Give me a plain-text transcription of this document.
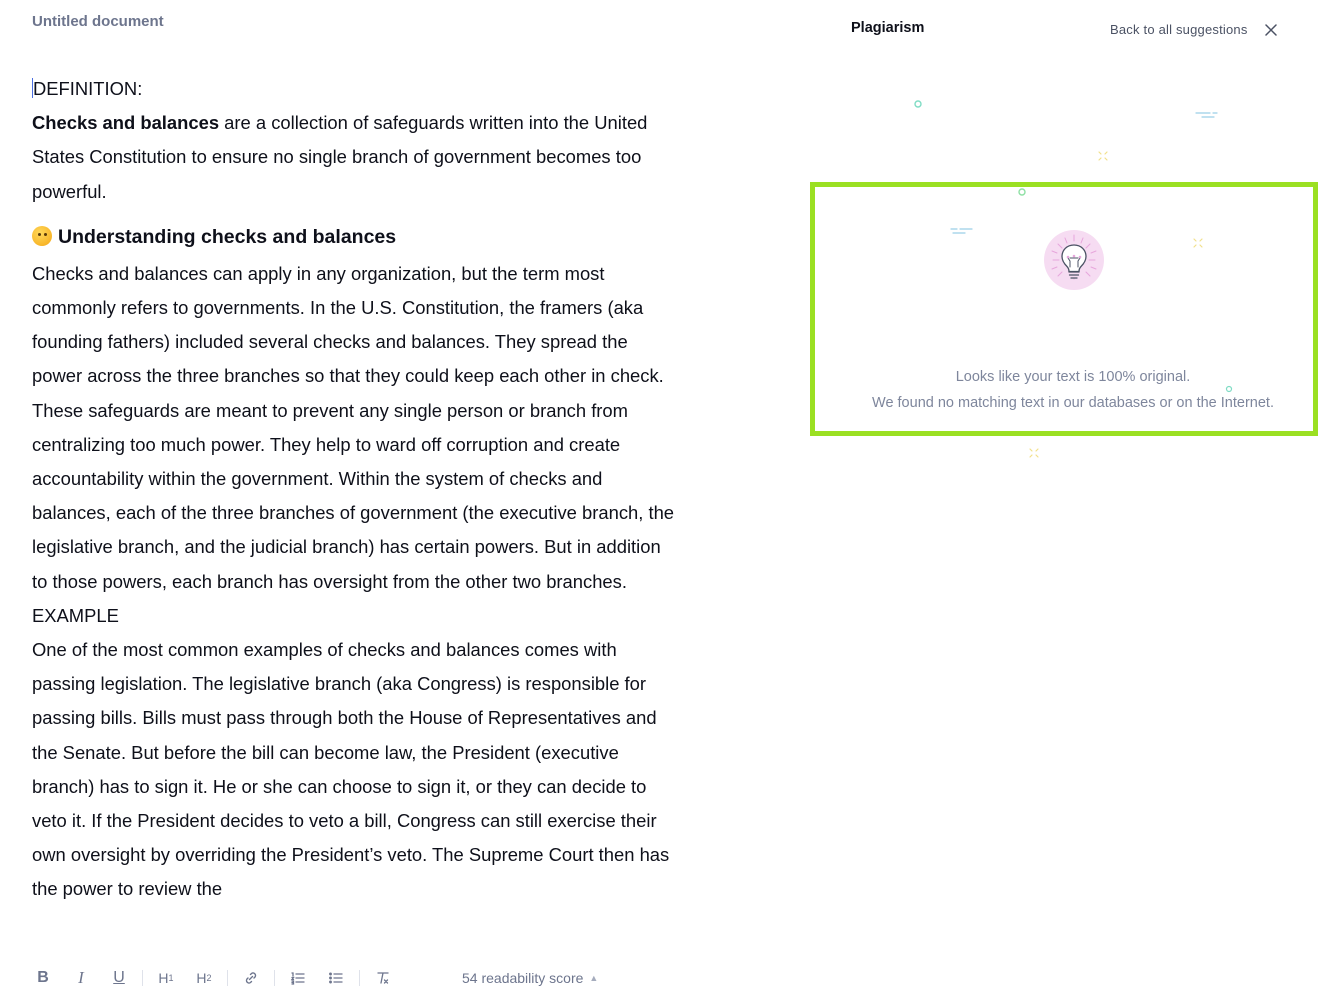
Untitled document

DEFINITION:

Checks and balances are a collection of safeguards written into the United States Constitution to ensure no single branch of government becomes too powerful.

Understanding checks and balances

Checks and balances can apply in any organization, but the term most commonly refers to governments. In the U.S. Constitution, the framers (aka founding fathers) included several checks and balances. They spread the power across the three branches so that they could keep each other in check. These safeguards are meant to prevent any single person or branch from centralizing too much power. They help to ward off corruption and create accountability within the government. Within the system of checks and balances, each of the three branches of government (the executive branch, the legislative branch, and the judicial branch) has certain powers. But in addition to those powers, each branch has oversight from the other two branches.

EXAMPLE

One of the most common examples of checks and balances comes with passing legislation. The legislative branch (aka Congress) is responsible for passing bills. Bills must pass through both the House of Representatives and the Senate. But before the bill can become law, the President (executive branch) has to sign it. He or she can choose to sign it, or they can decide to veto it. If the President decides to veto a bill, Congress can still exercise their own oversight by overriding the President’s veto. The Supreme Court then has the power to review the

B	I	U	H 1 H 2	54 readability score ▲
Plagiarism	Back to all suggestions
Looks like your text is 100% original.
We found no matching text in our databases or on the Internet.
